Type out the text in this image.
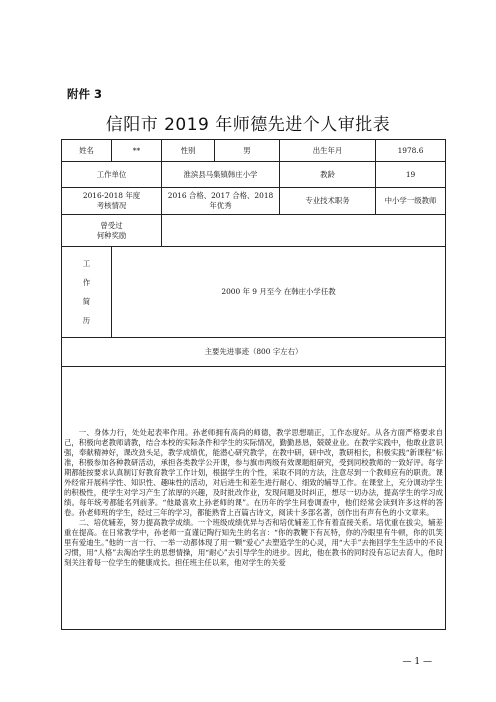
附件 3
信阳市 2019 年师德先进个人审批表
姓名	**	性别	男	出生年月	1978.6
工作单位		淮滨县马集镇韩庄小学		教龄	19

2016-2018 年度
考核情况		2016 合格、2017 合格、2018 年优秀		专业技术职务	中小学一级教师

曾受过
何种奖励					

工
作
简
历	2000 年 9 月至今 在韩庄小学任教				
主要先进事迹（800 字左右）					

一、身体力行，处处起表率作用。孙老师拥有高尚的师德，教学思想端正，工作态度好。从各方面严格要求自己，积极向老教师请教，结合本校的实际条件和学生的实际情况，勤勤恳恳，兢兢业业。在教学实践中，他敢业意识强，奉献精神好，课改劲头足，教学成绩优，能潜心研究教学，在教中研，研中改，教研相长，积极实践“新课程”标准，积极参加各种教研活动，承担各类教学公开课，参与旗市两级有效课题组研究，受到同校教师的一致好评。每学期都能按要求认真制订好教育教学工作计划，根据学生的个性，采取不同的方法，注意尽到一个教师应有的职责。课外经常开展科学性、知识性、趣味性的活动，对后进生和差生进行耐心、细致的辅导工作。在课堂上，充分调动学生的积极性，使学生对学习产生了浓厚的兴趣，及时批改作业，发现问题及时纠正，想尽一切办法，提高学生的学习成绩。每年统考都能名列前茅。“他最喜欢上孙老师的课”。在历年的学生问卷调查中，他们经常会读到许多这样的答卷。孙老师班的学生，经过三年的学习，都能熟背上百篇古诗文，阅读十多部名著，创作出有声有色的小文章来。

二、培优辅差，努力提高教学成绩。一个班级成绩优异与否和培优辅差工作有着直接关系。培优重在拔尖，辅差重在提高。在日常教学中，孙老师一直谨记陶行知先生的名言：“你的教鞭下有瓦特，你的冷眼里有牛顿，你的讥笑里有爱迪生。”他的一言一行、一举一动都体现了用一颗“爱心”去塑造学生的心灵，用“大手”去拖回学生生活中的不良习惯，用“人格”去淘冶学生的思想情操，用“耐心”去引导学生的进步。因此，他在教书的同时没有忘记去育人，他时刻关注着每一位学生的健康成长。担任班主任以来，他对学生的关爱					

— 1 —
